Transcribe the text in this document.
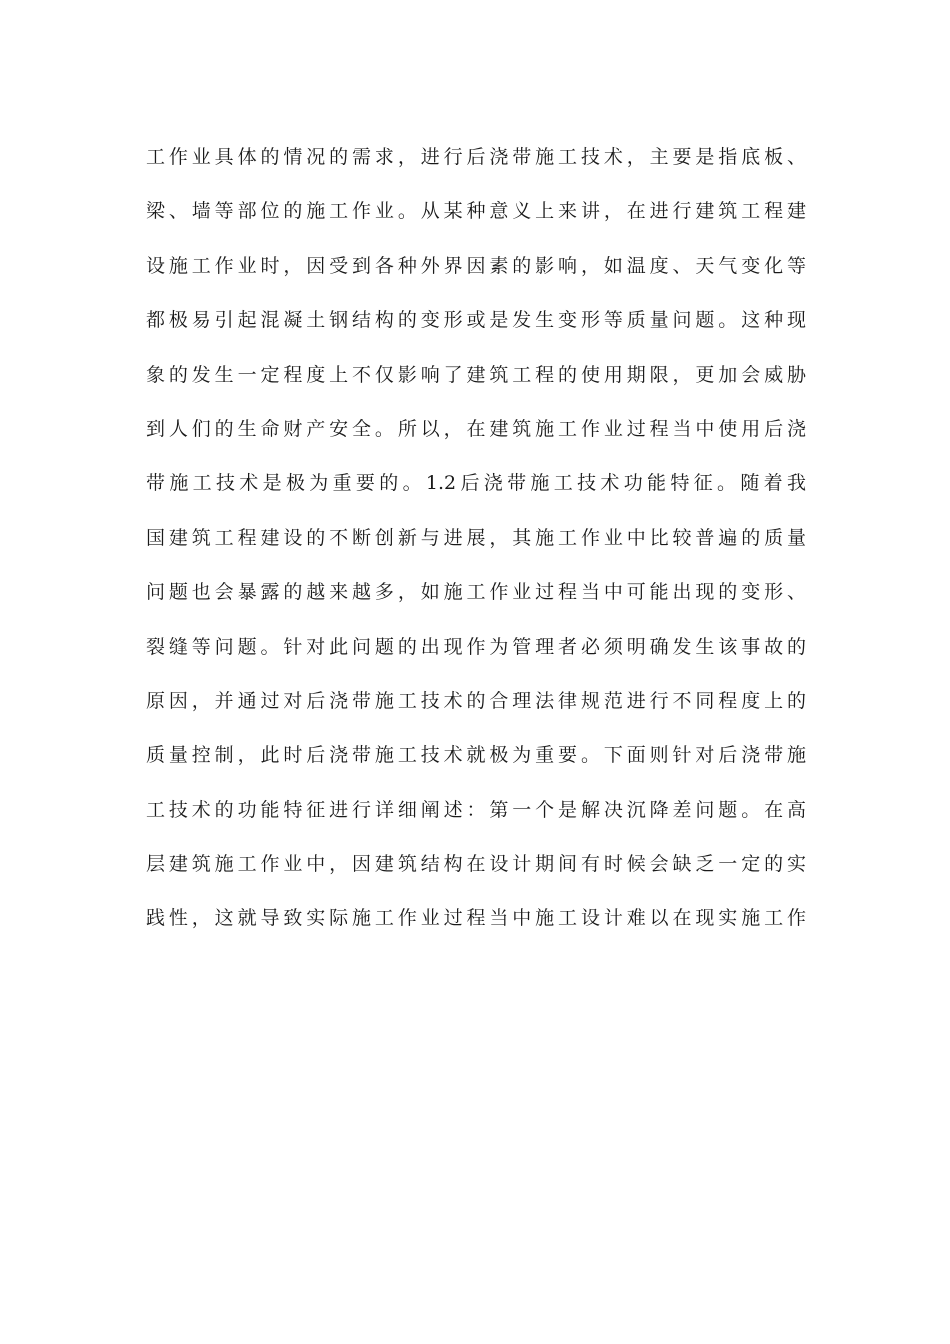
工作业具体的情况的需求，进行后浇带施工技术，主要是指底板、
梁、墙等部位的施工作业。从某种意义上来讲，在进行建筑工程建
设施工作业时，因受到各种外界因素的影响，如温度、天气变化等
都极易引起混凝土钢结构的变形或是发生变形等质量问题。这种现
象的发生一定程度上不仅影响了建筑工程的使用期限，更加会威胁
到人们的生命财产安全。所以，在建筑施工作业过程当中使用后浇
带施工技术是极为重要的。1.2后浇带施工技术功能特征。随着我
国建筑工程建设的不断创新与进展，其施工作业中比较普遍的质量
问题也会暴露的越来越多，如施工作业过程当中可能出现的变形、
裂缝等问题。针对此问题的出现作为管理者必须明确发生该事故的
原因，并通过对后浇带施工技术的合理法律规范进行不同程度上的
质量控制，此时后浇带施工技术就极为重要。下面则针对后浇带施
工技术的功能特征进行详细阐述：第一个是解决沉降差问题。在高
层建筑施工作业中，因建筑结构在设计期间有时候会缺乏一定的实
践性，这就导致实际施工作业过程当中施工设计难以在现实施工作
